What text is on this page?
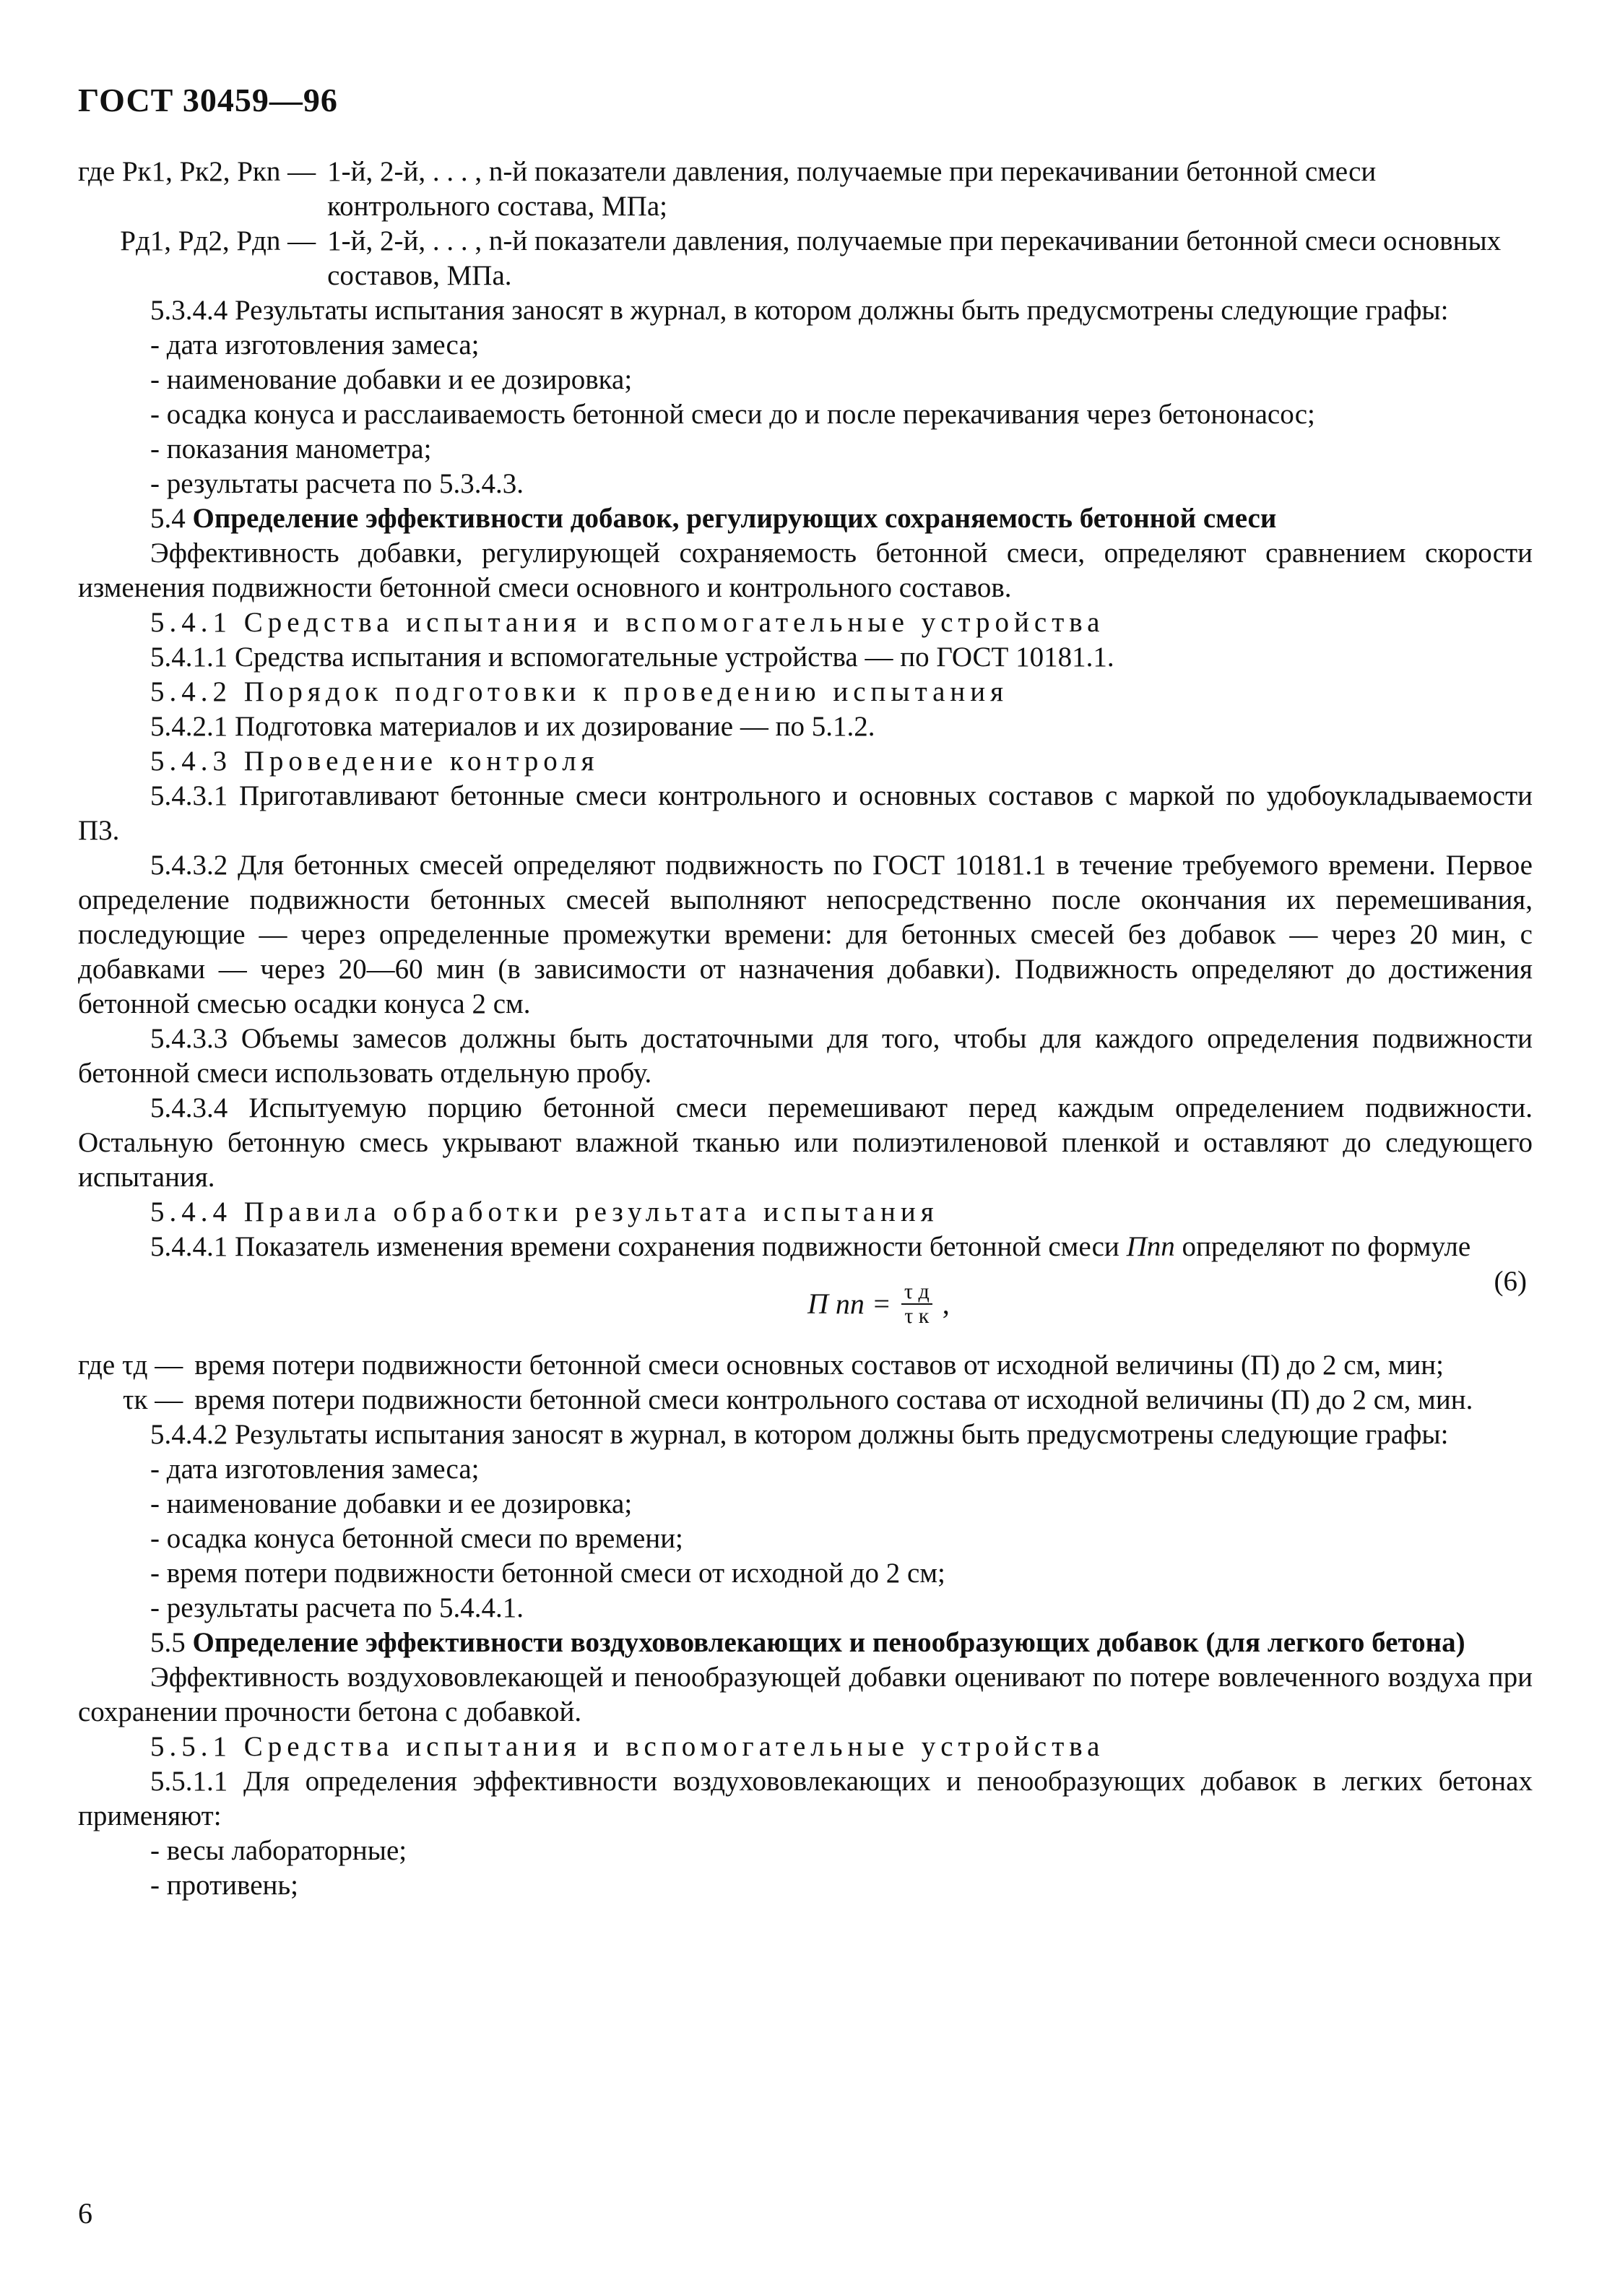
ГОСТ 30459—96
где Pк1, Pк2, Pкn — 1-й, 2-й, . . . , n-й показатели давления, получаемые при перекачивании бетонной смеси контрольного состава, МПа;
Pд1, Pд2, Pдn — 1-й, 2-й, . . . , n-й показатели давления, получаемые при перекачивании бетонной смеси основных составов, МПа.

5.3.4.4 Результаты испытания заносят в журнал, в котором должны быть предусмотрены следующие графы:

- дата изготовления замеса;

- наименование добавки и ее дозировка;

- осадка конуса и расслаиваемость бетонной смеси до и после перекачивания через бетононасос;

- показания манометра;

- результаты расчета по 5.3.4.3.

5.4 Определение эффективности добавок, регулирующих сохраняемость бетонной смеси

Эффективность добавки, регулирующей сохраняемость бетонной смеси, определяют сравнением скорости изменения подвижности бетонной смеси основного и контрольного составов.

5.4.1 Средства испытания и вспомогательные устройства

5.4.1.1 Средства испытания и вспомогательные устройства — по ГОСТ 10181.1.

5.4.2 Порядок подготовки к проведению испытания

5.4.2.1 Подготовка материалов и их дозирование — по 5.1.2.

5.4.3 Проведение контроля

5.4.3.1 Приготавливают бетонные смеси контрольного и основных составов с маркой по удобоукладываемости П3.

5.4.3.2 Для бетонных смесей определяют подвижность по ГОСТ 10181.1 в течение требуемого времени. Первое определение подвижности бетонных смесей выполняют непосредственно после окончания их перемешивания, последующие — через определенные промежутки времени: для бетонных смесей без добавок — через 20 мин, с добавками — через 20—60 мин (в зависимости от назначения добавки). Подвижность определяют до достижения бетонной смесью осадки конуса 2 см.

5.4.3.3 Объемы замесов должны быть достаточными для того, чтобы для каждого определения подвижности бетонной смеси использовать отдельную пробу.

5.4.3.4 Испытуемую порцию бетонной смеси перемешивают перед каждым определением подвижности. Остальную бетонную смесь укрывают влажной тканью или полиэтиленовой пленкой и оставляют до следующего испытания.

5.4.4 Правила обработки результата испытания

5.4.4.1 Показатель изменения времени сохранения подвижности бетонной смеси Пnn определяют по формуле

П пп = $\frac{\text{τ д}}{\text{τ к}}$ ,
(6)
где τд — время потери подвижности бетонной смеси основных составов от исходной величины (П) до 2 см, мин;
τк — время потери подвижности бетонной смеси контрольного состава от исходной величины (П) до 2 см, мин.

5.4.4.2 Результаты испытания заносят в журнал, в котором должны быть предусмотрены следующие графы:

- дата изготовления замеса;

- наименование добавки и ее дозировка;

- осадка конуса бетонной смеси по времени;

- время потери подвижности бетонной смеси от исходной до 2 см;

- результаты расчета по 5.4.4.1.

5.5 Определение эффективности воздухововлекающих и пенообразующих добавок (для легкого бетона)

Эффективность воздухововлекающей и пенообразующей добавки оценивают по потере вовлеченного воздуха при сохранении прочности бетона с добавкой.

5.5.1 Средства испытания и вспомогательные устройства

5.5.1.1 Для определения эффективности воздухововлекающих и пенообразующих добавок в легких бетонах применяют:

- весы лабораторные;

- противень;

6
